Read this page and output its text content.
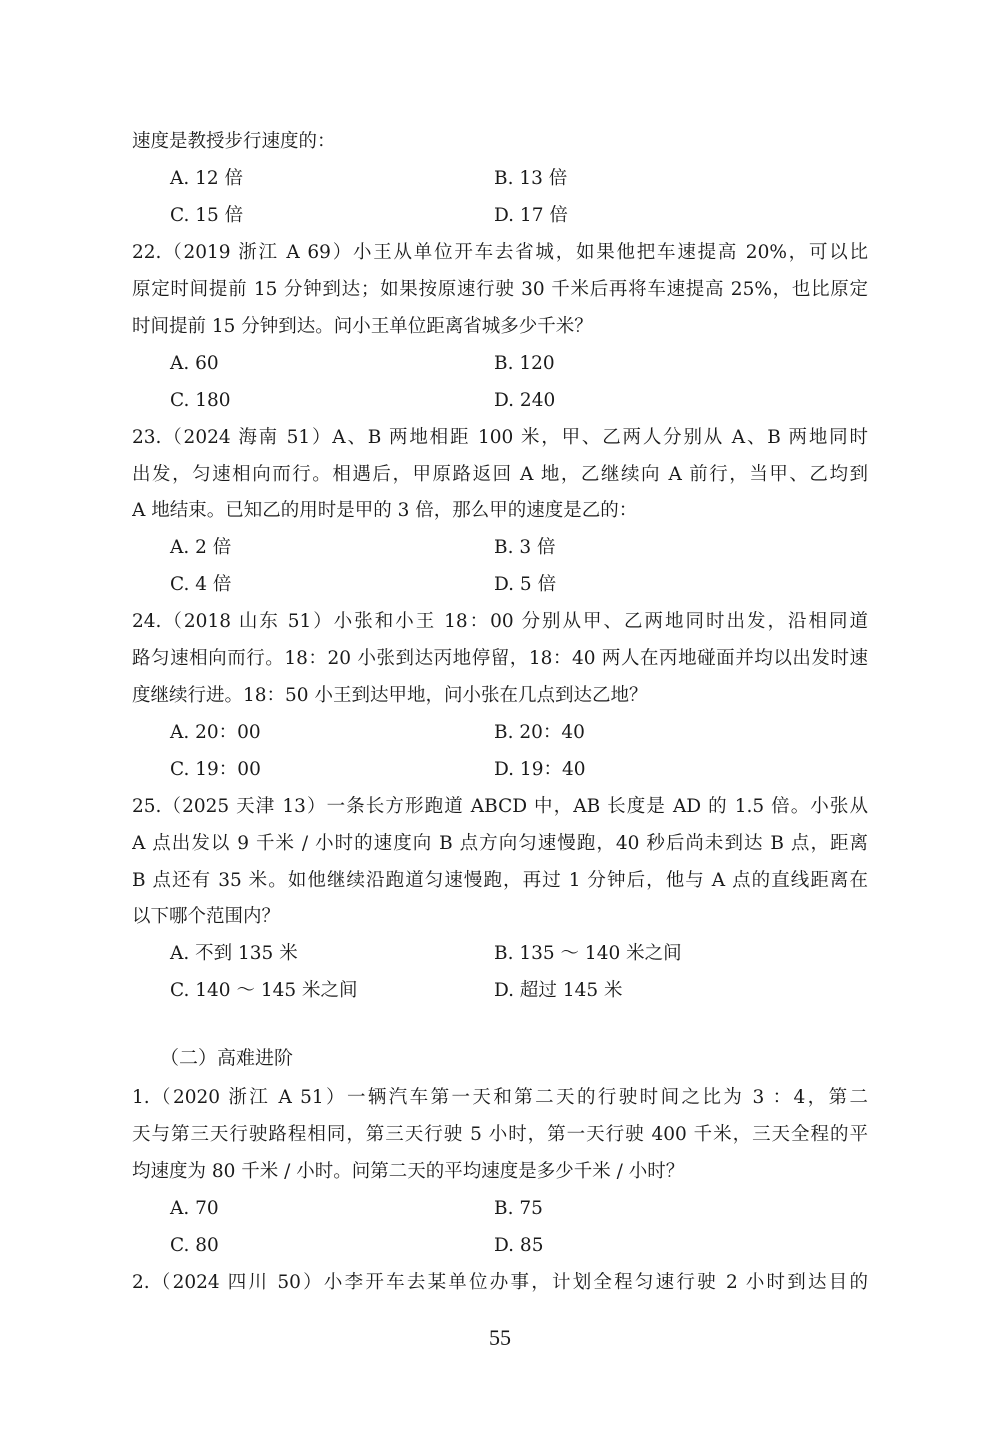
速度是教授步行速度的：
A. 12 倍	B. 13 倍
C. 15 倍	D. 17 倍
22.（2019 浙江 A 69）小王从单位开车去省城，如果他把车速提高 20%，可以比
原定时间提前 15 分钟到达；如果按原速行驶 30 千米后再将车速提高 25%，也比原定
时间提前 15 分钟到达。问小王单位距离省城多少千米？
A. 60	B. 120
C. 180	D. 240
23.（2024 海南 51）A、B 两地相距 100 米，甲、乙两人分别从 A、B 两地同时
出发，匀速相向而行。相遇后，甲原路返回 A 地，乙继续向 A 前行，当甲、乙均到
A 地结束。已知乙的用时是甲的 3 倍，那么甲的速度是乙的：
A. 2 倍	B. 3 倍
C. 4 倍	D. 5 倍
24.（2018 山东 51）小张和小王 18：00 分别从甲、乙两地同时出发，沿相同道
路匀速相向而行。18：20 小张到达丙地停留，18：40 两人在丙地碰面并均以出发时速
度继续行进。18：50 小王到达甲地，问小张在几点到达乙地？
A. 20：00	B. 20：40
C. 19：00	D. 19：40
25.（2025 天津 13）一条长方形跑道 ABCD 中，AB 长度是 AD 的 1.5 倍。小张从
A 点出发以 9 千米 / 小时的速度向 B 点方向匀速慢跑，40 秒后尚未到达 B 点，距离
B 点还有 35 米。如他继续沿跑道匀速慢跑，再过 1 分钟后，他与 A 点的直线距离在
以下哪个范围内？
A. 不到 135 米	B. 135 ～ 140 米之间
C. 140 ～ 145 米之间	D. 超过 145 米
（二）高难进阶
1.（2020 浙江 A 51）一辆汽车第一天和第二天的行驶时间之比为 3 ：4，第二
天与第三天行驶路程相同，第三天行驶 5 小时，第一天行驶 400 千米，三天全程的平
均速度为 80 千米 / 小时。问第二天的平均速度是多少千米 / 小时？
A. 70	B. 75
C. 80	D. 85
2.（2024 四川 50）小李开车去某单位办事，计划全程匀速行驶 2 小时到达目的
55
